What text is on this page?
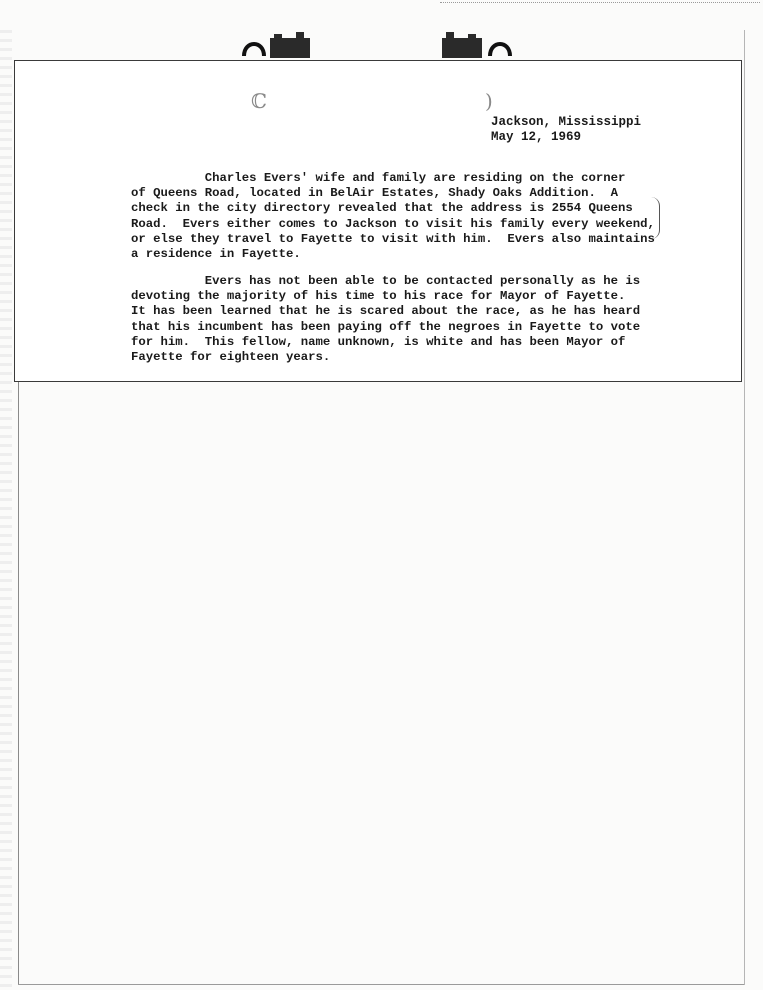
ℂ	)
Jackson, Mississippi
May 12, 1969

Charles Evers' wife and family are residing on the corner
of Queens Road, located in BelAir Estates, Shady Oaks Addition.  A
check in the city directory revealed that the address is 2554 Queens
Road.  Evers either comes to Jackson to visit his family every weekend,
or else they travel to Fayette to visit with him.  Evers also maintains
a residence in Fayette.

Evers has not been able to be contacted personally as he is
devoting the majority of his time to his race for Mayor of Fayette.
It has been learned that he is scared about the race, as he has heard
that his incumbent has been paying off the negroes in Fayette to vote
for him.  This fellow, name unknown, is white and has been Mayor of
Fayette for eighteen years.
